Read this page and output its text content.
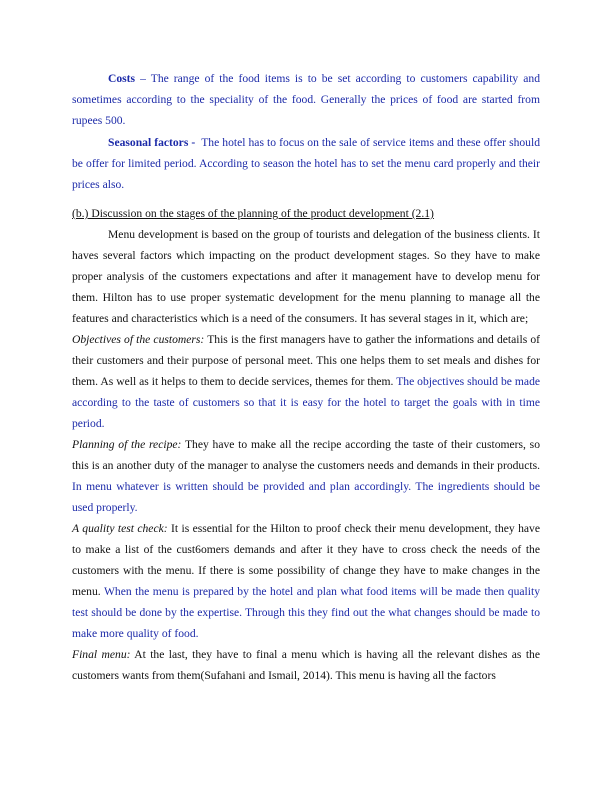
Costs – The range of the food items is to be set according to customers capability and sometimes according to the speciality of the food. Generally the prices of food are started from rupees 500.

Seasonal factors - The hotel has to focus on the sale of service items and these offer should be offer for limited period. According to season the hotel has to set the menu card properly and their prices also.

(b.) Discussion on the stages of the planning of the product development (2.1)

Menu development is based on the group of tourists and delegation of the business clients. It haves several factors which impacting on the product development stages. So they have to make proper analysis of the customers expectations and after it management have to develop menu for them. Hilton has to use proper systematic development for the menu planning to manage all the features and characteristics which is a need of the consumers. It has several stages in it, which are;

Objectives of the customers: This is the first managers have to gather the informations and details of their customers and their purpose of personal meet. This one helps them to set meals and dishes for them. As well as it helps to them to decide services, themes for them. The objectives should be made according to the taste of customers so that it is easy for the hotel to target the goals with in time period.

Planning of the recipe: They have to make all the recipe according the taste of their customers, so this is an another duty of the manager to analyse the customers needs and demands in their products. In menu whatever is written should be provided and plan accordingly. The ingredients should be used properly.

A quality test check: It is essential for the Hilton to proof check their menu development, they have to make a list of the cust6omers demands and after it they have to cross check the needs of the customers with the menu. If there is some possibility of change they have to make changes in the menu. When the menu is prepared by the hotel and plan what food items will be made then quality test should be done by the expertise. Through this they find out the what changes should be made to make more quality of food.

Final menu: At the last, they have to final a menu which is having all the relevant dishes as the customers wants from them(Sufahani and Ismail, 2014). This menu is having all the factors
